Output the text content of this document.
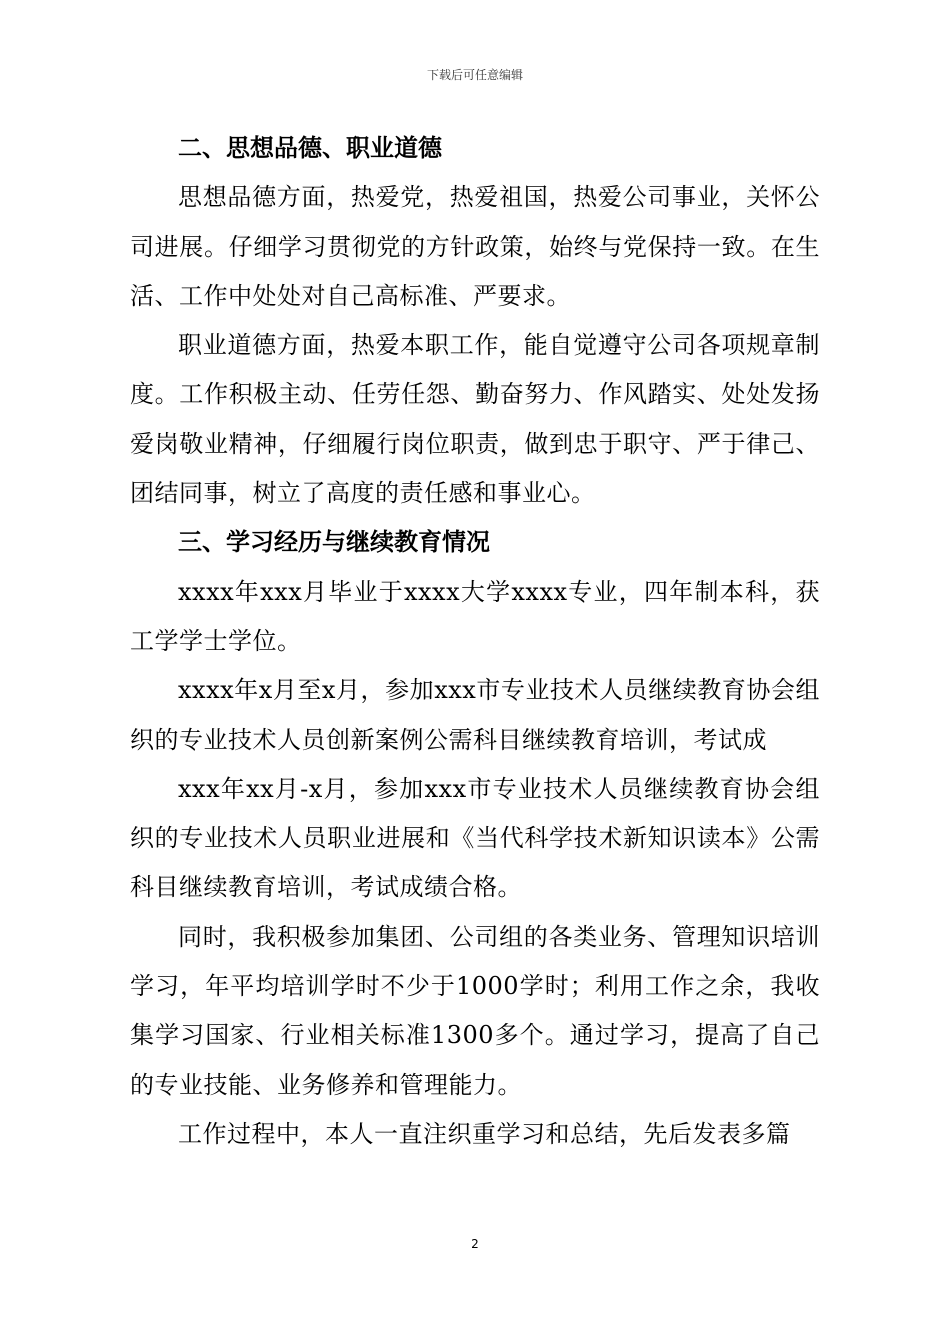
下载后可任意编辑
二、思想品德、职业道德

思想品德方面，热爱党，热爱祖国，热爱公司事业，关怀公司进展。仔细学习贯彻党的方针政策，始终与党保持一致。在生活、工作中处处对自己高标准、严要求。

职业道德方面，热爱本职工作，能自觉遵守公司各项规章制度。工作积极主动、任劳任怨、勤奋努力、作风踏实、处处发扬爱岗敬业精神，仔细履行岗位职责，做到忠于职守、严于律己、团结同事，树立了高度的责任感和事业心。

三、学习经历与继续教育情况

xxxx年xxx月毕业于xxxx大学xxxx专业，四年制本科，获工学学士学位。

xxxx年x月至x月，参加xxx市专业技术人员继续教育协会组织的专业技术人员创新案例公需科目继续教育培训，考试成

xxx年xx月-x月，参加xxx市专业技术人员继续教育协会组织的专业技术人员职业进展和《当代科学技术新知识读本》公需科目继续教育培训，考试成绩合格。

同时，我积极参加集团、公司组的各类业务、管理知识培训学习，年平均培训学时不少于1000学时；利用工作之余，我收集学习国家、行业相关标准1300多个。通过学习，提高了自己的专业技能、业务修养和管理能力。

工作过程中，本人一直注织重学习和总结，先后发表多篇

2
